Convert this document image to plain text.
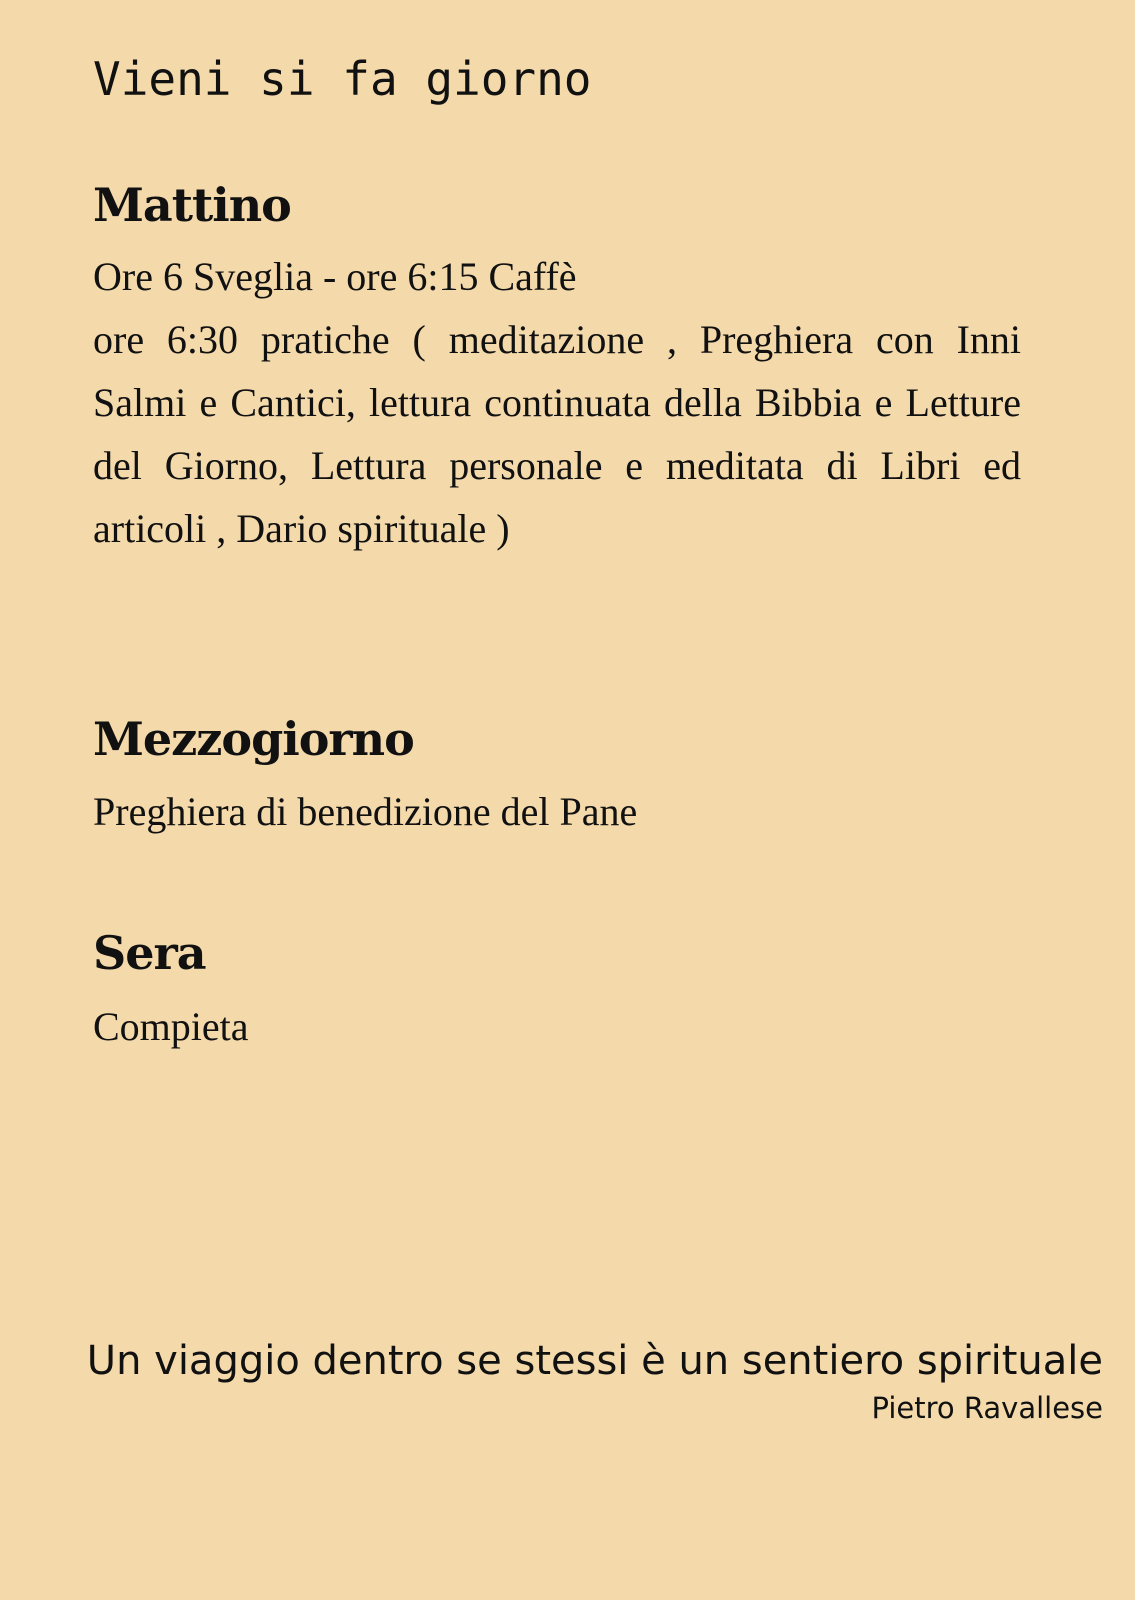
Vieni si fa giorno
Mattino
Ore 6 Sveglia - ore 6:15 Caffè
ore 6:30 pratiche ( meditazione , Preghiera con Inni Salmi e Cantici, lettura continuata della Bibbia e Letture del Giorno, Lettura personale e meditata di Libri ed articoli , Dario spirituale )
Mezzogiorno
Preghiera di benedizione del Pane
Sera
Compieta
Un viaggio dentro se stessi è un sentiero spirituale
Pietro Ravallese
